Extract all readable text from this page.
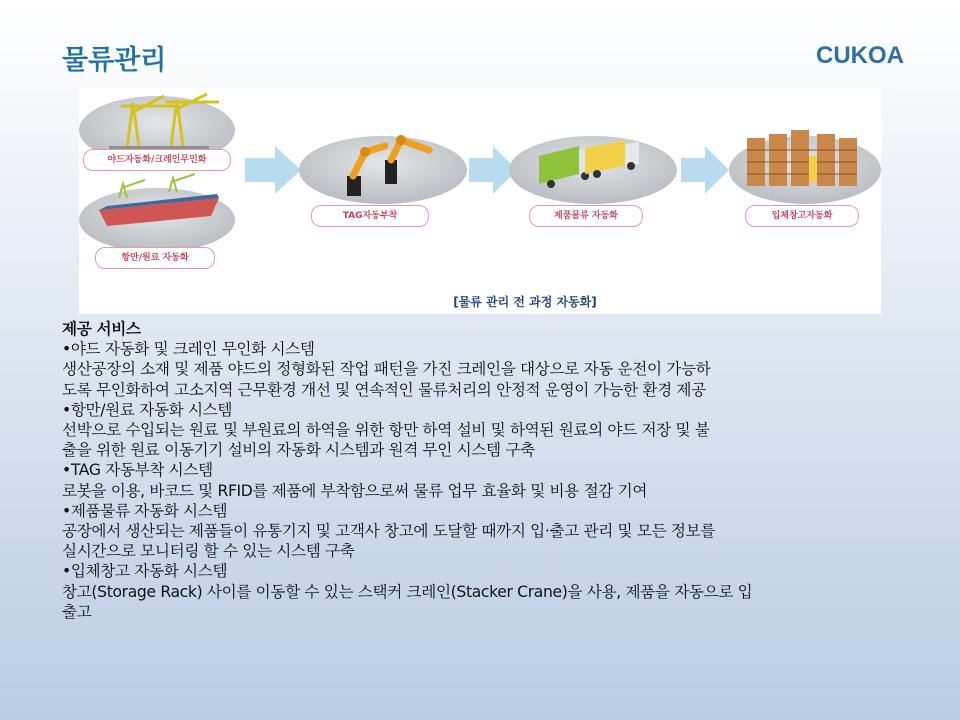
물류관리	CUKOA
야드자동화/크레인무인화
항만/원료 자동화
TAG자동부착	제품물류 자동화	입체창고자동화
[물류 관리 전 과정 자동화]
제공 서비스
•야드 자동화 및 크레인 무인화 시스템
생산공장의 소재 및 제품 야드의 정형화된 작업 패턴을 가진 크레인을 대상으로 자동 운전이 가능하
도록 무인화하여 고소지역 근무환경 개선 및 연속적인 물류처리의 안정적 운영이 가능한 환경 제공
•항만/원료 자동화 시스템
선박으로 수입되는 원료 및 부원료의 하역을 위한 항만 하역 설비 및 하역된 원료의 야드 저장 및 불
출을 위한 원료 이동기기 설비의 자동화 시스템과 원격 무인 시스템 구축
•TAG 자동부착 시스템
로봇을 이용, 바코드 및 RFID를 제품에 부착함으로써 물류 업무 효율화 및 비용 절감 기여
•제품물류 자동화 시스템
공장에서 생산되는 제품들이 유통기지 및 고객사 창고에 도달할 때까지 입·출고 관리 및 모든 정보를
실시간으로 모니터링 할 수 있는 시스템 구축
•입체창고 자동화 시스템
창고(Storage Rack) 사이를 이동할 수 있는 스택커 크레인(Stacker Crane)을 사용, 제품을 자동으로 입
출고
